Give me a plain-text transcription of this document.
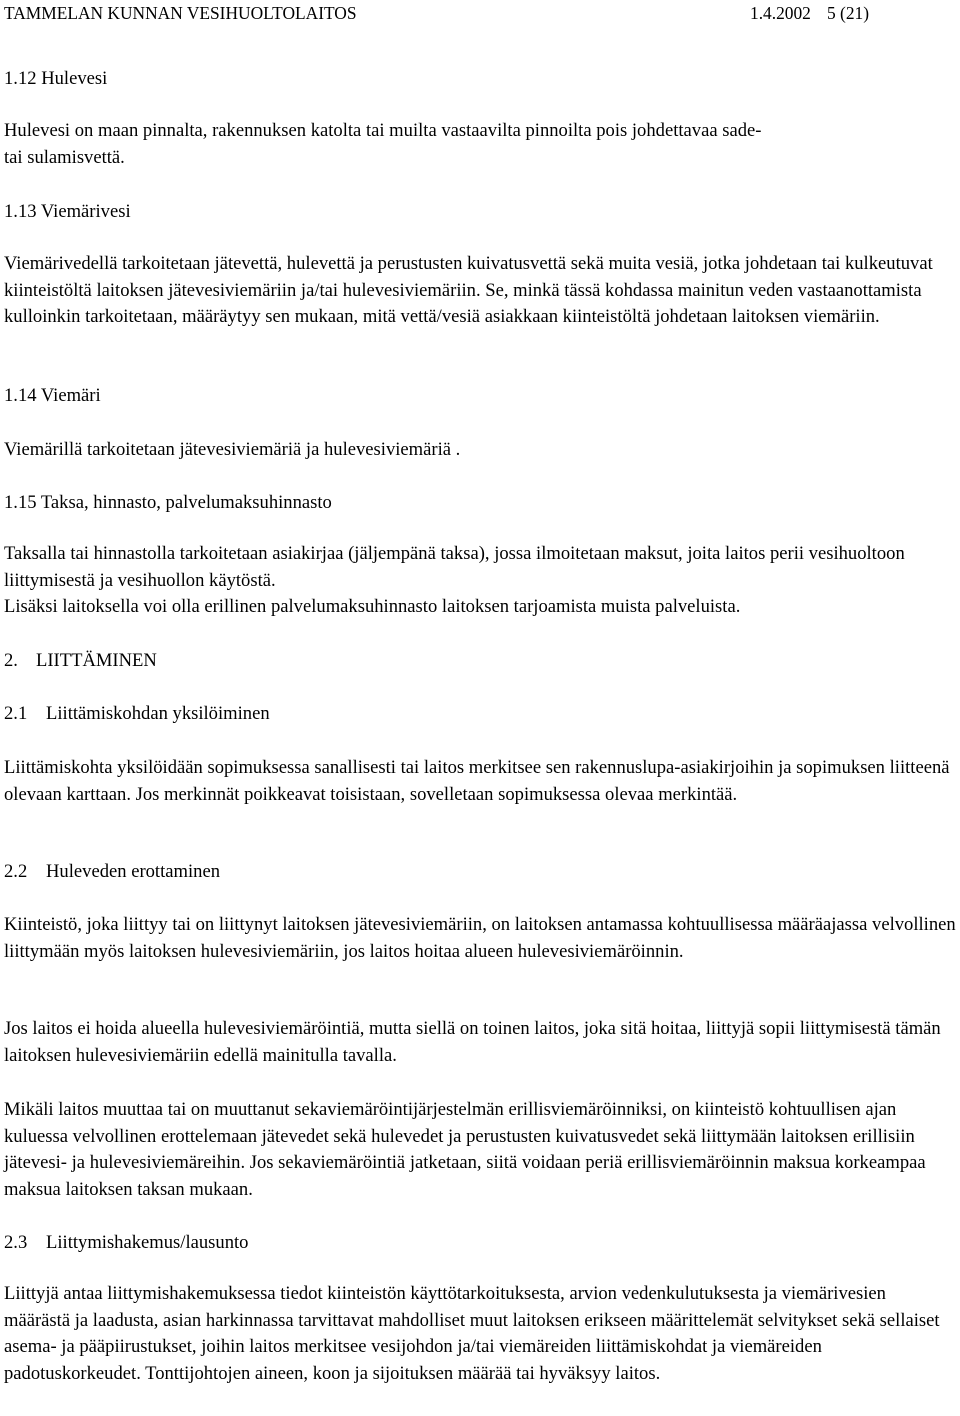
TAMMELAN KUNNAN VESIHUOLTOLAITOS	1.4.2002 5 (21)
1.12 Hulevesi

Hulevesi on maan pinnalta, rakennuksen katolta tai muilta vastaavilta pinnoilta pois johdettavaa sade-
tai sulamisvettä.

1.13 Viemärivesi

Viemärivedellä tarkoitetaan jätevettä, hulevettä ja perustusten kuivatusvettä sekä muita vesiä, jotka johdetaan tai kulkeutuvat kiinteistöltä laitoksen jätevesiviemäriin ja/tai hulevesiviemäriin. Se, minkä tässä kohdassa mainitun veden vastaanottamista kulloinkin tarkoitetaan, määräytyy sen mukaan, mitä vettä/vesiä asiakkaan kiinteistöltä johdetaan laitoksen viemäriin.

1.14 Viemäri

Viemärillä tarkoitetaan jätevesiviemäriä ja hulevesiviemäriä .

1.15 Taksa, hinnasto, palvelumaksuhinnasto

Taksalla tai hinnastolla tarkoitetaan asiakirjaa (jäljempänä taksa), jossa ilmoitetaan maksut, joita laitos perii vesihuoltoon liittymisestä ja vesihuollon käytöstä.

Lisäksi laitoksella voi olla erillinen palvelumaksuhinnasto laitoksen tarjoamista muista palveluista.

2. LIITTÄMINEN
2.1 Liittämiskohdan yksilöiminen

Liittämiskohta yksilöidään sopimuksessa sanallisesti tai laitos merkitsee sen rakennuslupa-asiakirjoihin ja sopimuksen liitteenä olevaan karttaan. Jos merkinnät poikkeavat toisistaan, sovelletaan sopimuksessa olevaa merkintää.

2.2 Huleveden erottaminen

Kiinteistö, joka liittyy tai on liittynyt laitoksen jätevesiviemäriin, on laitoksen antamassa kohtuullisessa määräajassa velvollinen liittymään myös laitoksen hulevesiviemäriin, jos laitos hoitaa alueen hulevesiviemäröinnin.

Jos laitos ei hoida alueella hulevesiviemäröintiä, mutta siellä on toinen laitos, joka sitä hoitaa, liittyjä sopii liittymisestä tämän laitoksen hulevesiviemäriin edellä mainitulla tavalla.

Mikäli laitos muuttaa tai on muuttanut sekaviemäröintijärjestelmän erillisviemäröinniksi, on kiinteistö kohtuullisen ajan kuluessa velvollinen erottelemaan jätevedet sekä hulevedet ja perustusten kuivatusvedet sekä liittymään laitoksen erillisiin jätevesi- ja hulevesiviemäreihin. Jos sekaviemäröintiä jatketaan, siitä voidaan periä erillisviemäröinnin maksua korkeampaa maksua laitoksen taksan mukaan.

2.3 Liittymishakemus/lausunto

Liittyjä antaa liittymishakemuksessa tiedot kiinteistön käyttötarkoituksesta, arvion vedenkulutuksesta ja viemärivesien määrästä ja laadusta, asian harkinnassa tarvittavat mahdolliset muut laitoksen erikseen määrittelemät selvitykset sekä sellaiset asema- ja pääpiirustukset, joihin laitos merkitsee vesijohdon ja/tai viemäreiden liittämiskohdat ja viemäreiden padotuskorkeudet. Tonttijohtojen aineen, koon ja sijoituksen määrää tai hyväksyy laitos.
